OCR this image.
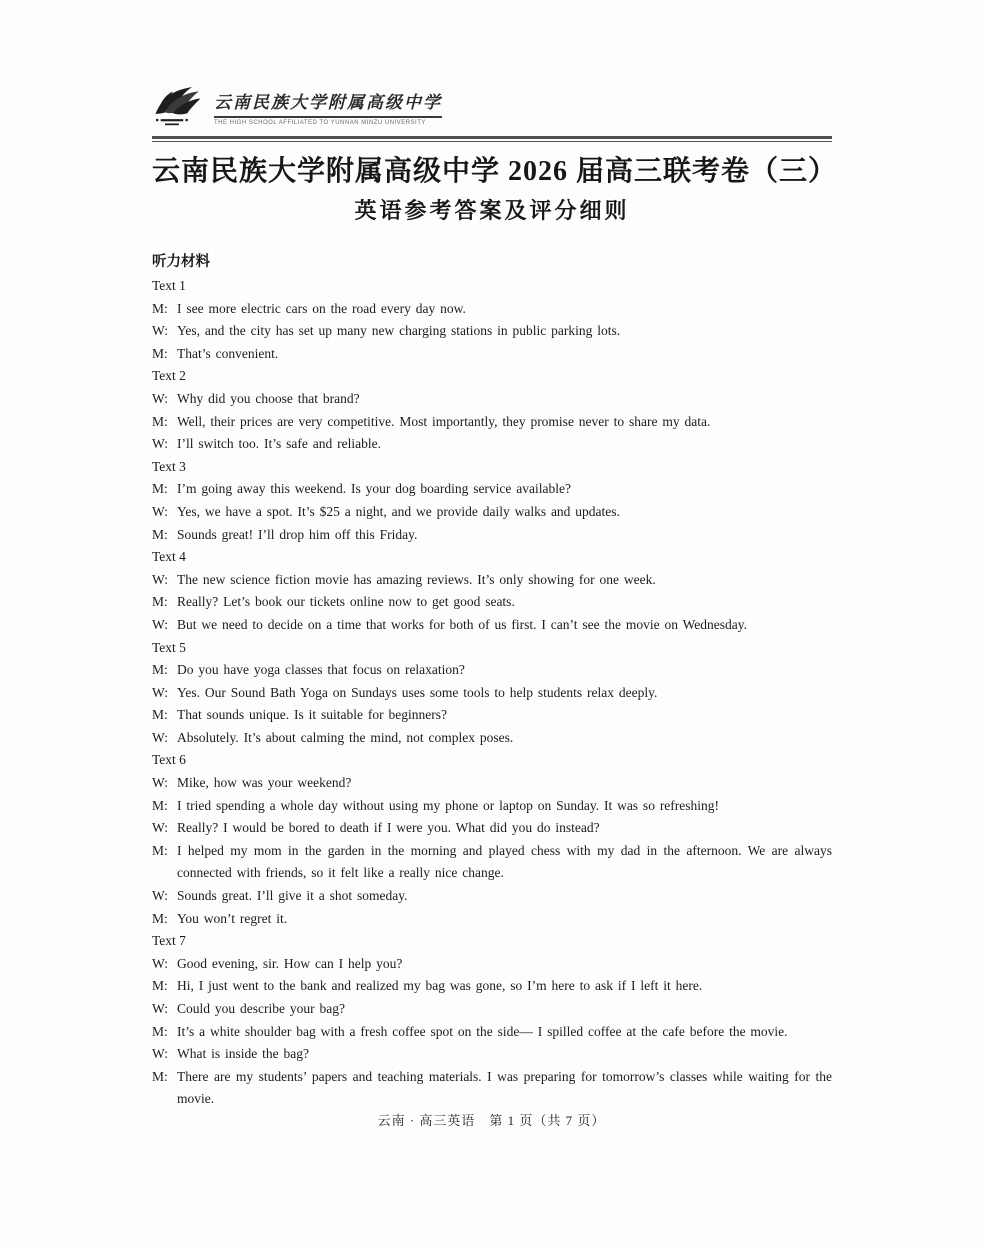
云南民族大学附属高级中学
THE HIGH SCHOOL AFFILIATED TO YUNNAN MINZU UNIVERSITY
云南民族大学附属高级中学 2026 届高三联考卷（三）
英语参考答案及评分细则
听力材料
Text 1
M: I see more electric cars on the road every day now.
W: Yes, and the city has set up many new charging stations in public parking lots.
M: That’s convenient.
Text 2
W: Why did you choose that brand?
M: Well, their prices are very competitive. Most importantly, they promise never to share my data.
W: I’ll switch too. It’s safe and reliable.
Text 3
M: I’m going away this weekend. Is your dog boarding service available?
W: Yes, we have a spot. It’s $25 a night, and we provide daily walks and updates.
M: Sounds great! I’ll drop him off this Friday.
Text 4
W: The new science fiction movie has amazing reviews. It’s only showing for one week.
M: Really? Let’s book our tickets online now to get good seats.
W: But we need to decide on a time that works for both of us first. I can’t see the movie on Wednesday.
Text 5
M: Do you have yoga classes that focus on relaxation?
W: Yes. Our Sound Bath Yoga on Sundays uses some tools to help students relax deeply.
M: That sounds unique. Is it suitable for beginners?
W: Absolutely. It’s about calming the mind, not complex poses.
Text 6
W: Mike, how was your weekend?
M: I tried spending a whole day without using my phone or laptop on Sunday. It was so refreshing!
W: Really? I would be bored to death if I were you. What did you do instead?
M: I helped my mom in the garden in the morning and played chess with my dad in the afternoon. We are always connected with friends, so it felt like a really nice change.
W: Sounds great. I’ll give it a shot someday.
M: You won’t regret it.
Text 7
W: Good evening, sir. How can I help you?
M: Hi, I just went to the bank and realized my bag was gone, so I’m here to ask if I left it here.
W: Could you describe your bag?
M: It’s a white shoulder bag with a fresh coffee spot on the side— I spilled coffee at the cafe before the movie.
W: What is inside the bag?
M: There are my students’ papers and teaching materials. I was preparing for tomorrow’s classes while waiting for the movie.
云南 · 高三英语　第 1 页（共 7 页）
